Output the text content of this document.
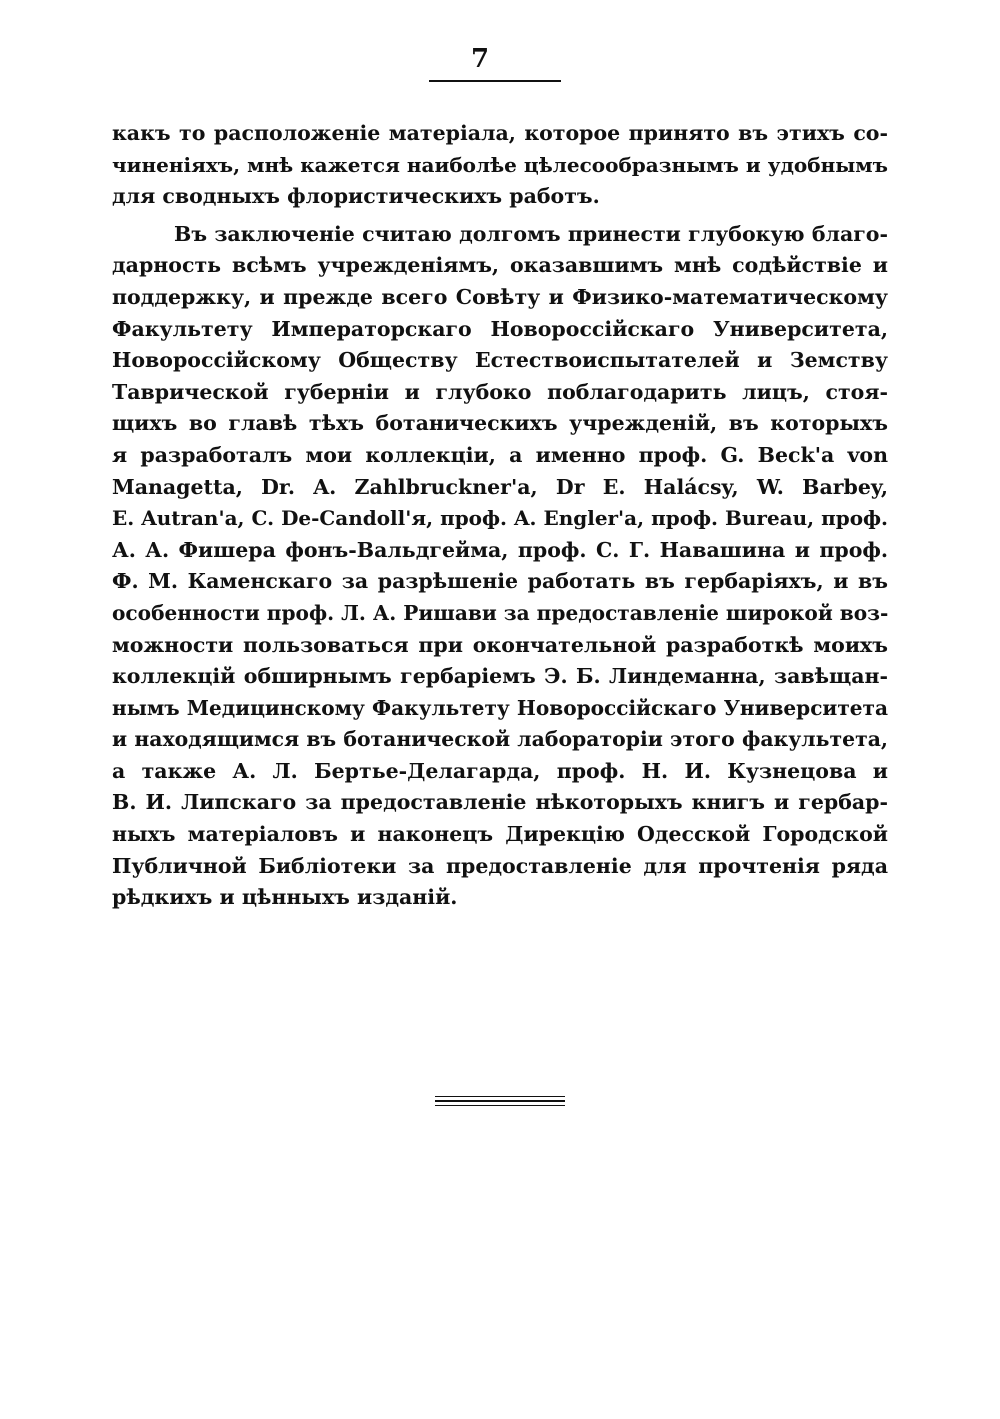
7
какъ то расположеніе матеріала, которое принято въ этихъ со-
чиненіяхъ, мнѣ кажется наиболѣе цѣлесообразнымъ и удобнымъ
для сводныхъ флористическихъ работъ.
Въ заключеніе считаю долгомъ принести глубокую благо-
дарность всѣмъ учрежденіямъ, оказавшимъ мнѣ содѣйствіе и
поддержку, и прежде всего Совѣту и Физико-математическому
Факультету Императорскаго Новороссійскаго Университета,
Новороссійскому Обществу Естествоиспытателей и Земству
Таврической губерніи и глубоко поблагодарить лицъ, стоя-
щихъ во главѣ тѣхъ ботаническихъ учрежденій, въ которыхъ
я разработалъ мои коллекціи, а именно проф. G. Beck'a von
Managetta, Dr. A. Zahlbruckner'a, Dr E. Halácsy, W. Barbey,
E. Autran'a, C. De-Candoll'я, проф. A. Engler'a, проф. Bureau, проф.
А. А. Фишера фонъ-Вальдгейма, проф. С. Г. Навашина и проф.
Ф. М. Каменскаго за разрѣшеніе работать въ гербаріяхъ, и въ
особенности проф. Л. А. Ришави за предоставленіе широкой воз-
можности пользоваться при окончательной разработкѣ моихъ
коллекцій обширнымъ гербаріемъ Э. Б. Линдеманна, завѣщан-
нымъ Медицинскому Факультету Новороссійскаго Университета
и находящимся въ ботанической лабораторіи этого факультета,
а также А. Л. Бертье-Делагарда, проф. Н. И. Кузнецова и
В. И. Липскаго за предоставленіе нѣкоторыхъ книгъ и гербар-
ныхъ матеріаловъ и наконецъ Дирекцію Одесской Городской
Публичной Библіотеки за предоставленіе для прочтенія ряда
рѣдкихъ и цѣнныхъ изданій.
